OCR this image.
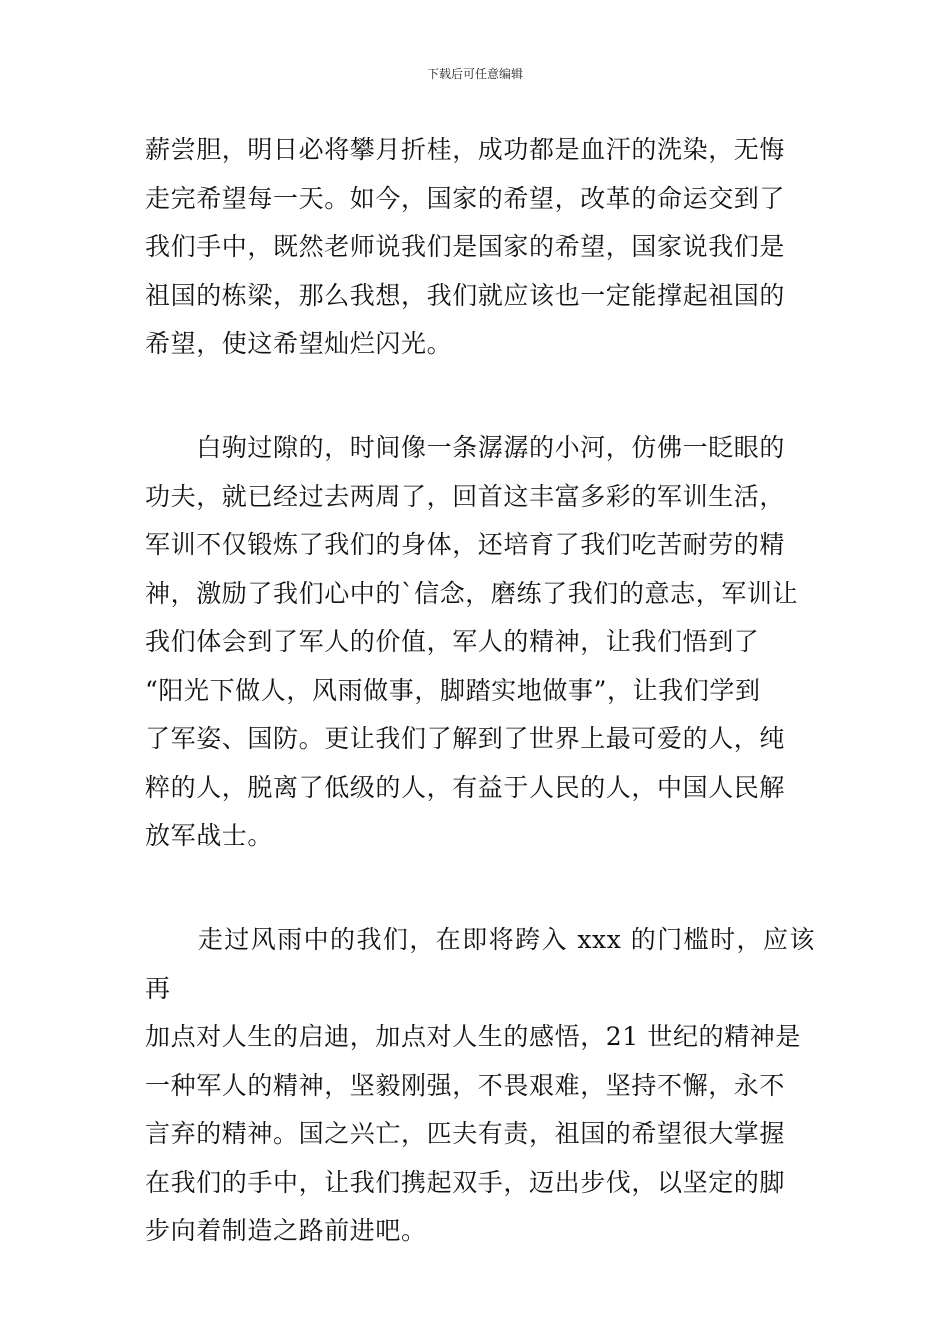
下载后可任意编辑

薪尝胆，明日必将攀月折桂，成功都是血汗的洗染，无悔
走完希望每一天。如今，国家的希望，改革的命运交到了
我们手中，既然老师说我们是国家的希望，国家说我们是
祖国的栋梁，那么我想，我们就应该也一定能撑起祖国的
希望，使这希望灿烂闪光。

　　白驹过隙的，时间像一条潺潺的小河，仿佛一眨眼的
功夫，就已经过去两周了，回首这丰富多彩的军训生活，
军训不仅锻炼了我们的身体，还培育了我们吃苦耐劳的精
神，激励了我们心中的`信念，磨练了我们的意志，军训让
我们体会到了军人的价值，军人的精神，让我们悟到了
“阳光下做人，风雨做事，脚踏实地做事”，让我们学到
了军姿、国防。更让我们了解到了世界上最可爱的人，纯
粹的人，脱离了低级的人，有益于人民的人，中国人民解
放军战士。

　　走过风雨中的我们，在即将跨入 xxx 的门槛时，应该再
加点对人生的启迪，加点对人生的感悟，21 世纪的精神是
一种军人的精神，坚毅刚强，不畏艰难，坚持不懈，永不
言弃的精神。国之兴亡，匹夫有责，祖国的希望很大掌握
在我们的手中，让我们携起双手，迈出步伐，以坚定的脚
步向着制造之路前进吧。
